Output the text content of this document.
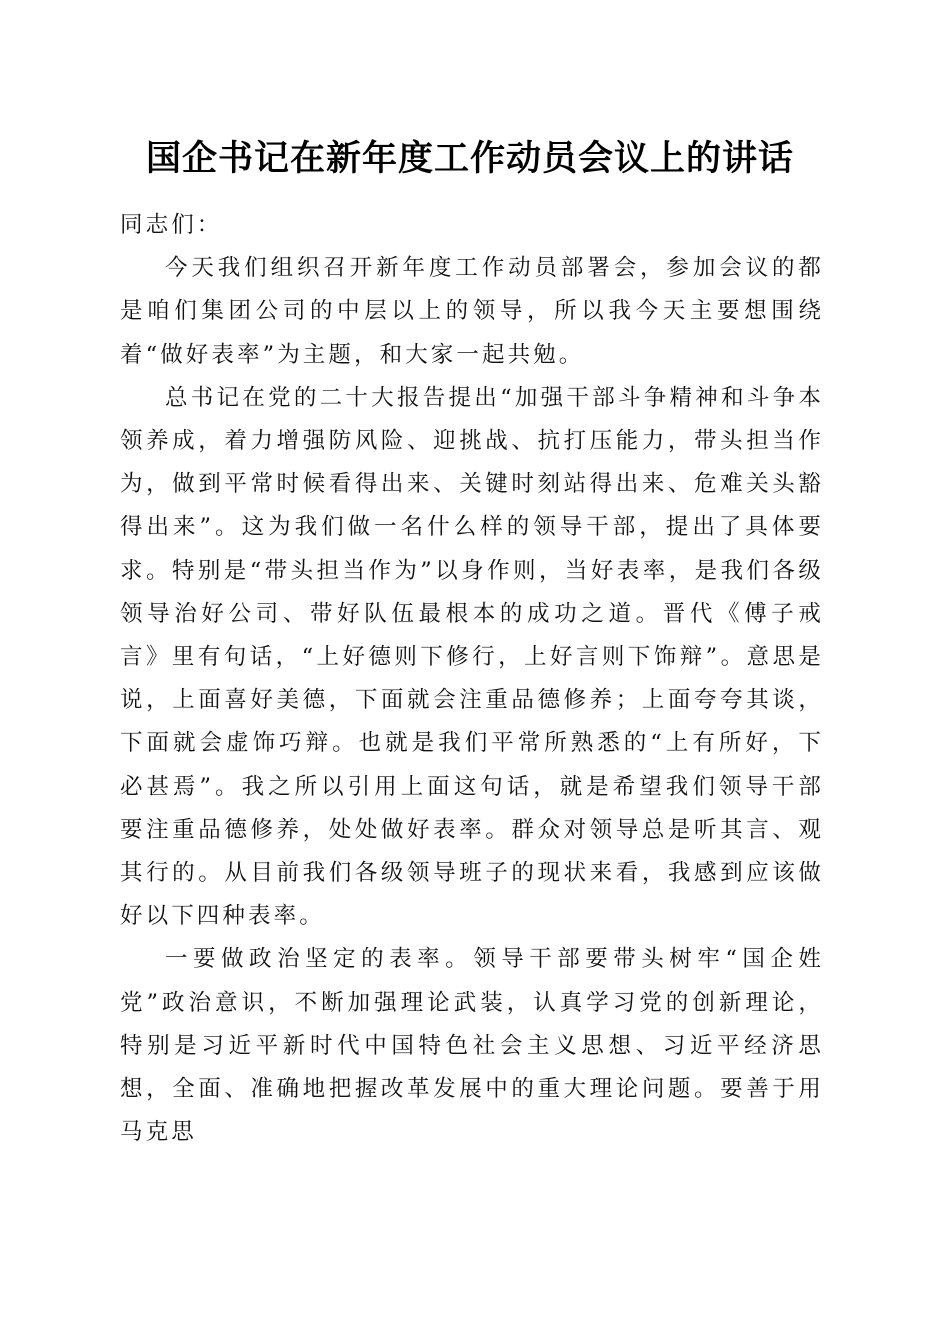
国企书记在新年度工作动员会议上的讲话

同志们：

今天我们组织召开新年度工作动员部署会，参加会议的都是咱们集团公司的中层以上的领导，所以我今天主要想围绕着“做好表率”为主题，和大家一起共勉。

总书记在党的二十大报告提出“加强干部斗争精神和斗争本领养成，着力增强防风险、迎挑战、抗打压能力，带头担当作为，做到平常时候看得出来、关键时刻站得出来、危难关头豁得出来”。这为我们做一名什么样的领导干部，提出了具体要求。特别是“带头担当作为”以身作则，当好表率，是我们各级领导治好公司、带好队伍最根本的成功之道。晋代《傅子戒言》里有句话，“上好德则下修行，上好言则下饰辩”。意思是说，上面喜好美德，下面就会注重品德修养；上面夸夸其谈，下面就会虚饰巧辩。也就是我们平常所熟悉的“上有所好，下必甚焉”。我之所以引用上面这句话，就是希望我们领导干部要注重品德修养，处处做好表率。群众对领导总是听其言、观其行的。从目前我们各级领导班子的现状来看，我感到应该做好以下四种表率。

一要做政治坚定的表率。领导干部要带头树牢“国企姓党”政治意识，不断加强理论武装，认真学习党的创新理论，特别是习近平新时代中国特色社会主义思想、习近平经济思想，全面、准确地把握改革发展中的重大理论问题。要善于用马克思
